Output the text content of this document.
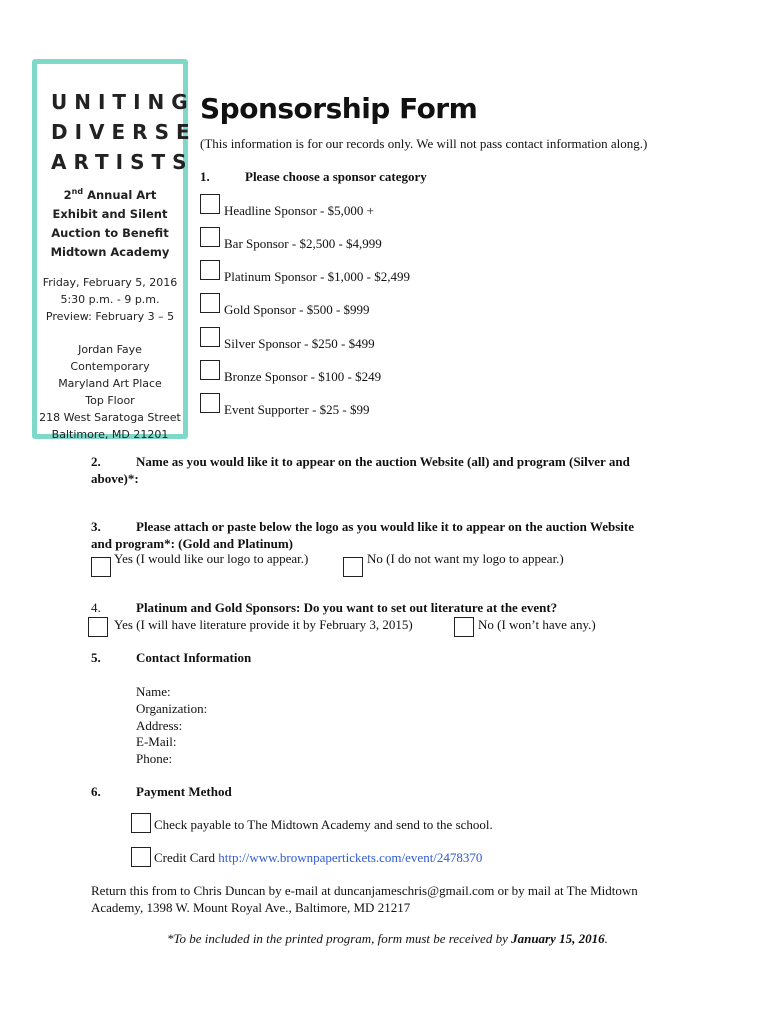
UNITING
DIVERSE
ARTISTS
2nd Annual Art
Exhibit and Silent
Auction to Benefit
Midtown Academy
Friday, February 5, 2016
5:30 p.m. - 9 p.m.
Preview: February 3 – 5
Jordan Faye Contemporary
Maryland Art Place
Top Floor
218 West Saratoga Street
Baltimore, MD 21201
Sponsorship Form
(This information is for our records only. We will not pass contact information along.)
1.	Please choose a sponsor category
Headline Sponsor - $5,000 +
Bar Sponsor - $2,500 - $4,999
Platinum Sponsor - $1,000 - $2,499
Gold Sponsor - $500 - $999
Silver Sponsor - $250 - $499
Bronze Sponsor - $100 - $249
Event Supporter - $25 - $99
2.	Name as you would like it to appear on the auction Website (all) and program (Silver and
above)*:
3.	Please attach or paste below the logo as you would like it to appear on the auction Website
and program*: (Gold and Platinum)
Yes (I would like our logo to appear.)	No (I do not want my logo to appear.)
4.	Platinum and Gold Sponsors: Do you want to set out literature at the event?
Yes (I will have literature provide it by February 3, 2015)	No (I won’t have any.)
5.	Contact Information
Name:
Organization:
Address:
E-Mail:
Phone:
6.	Payment Method
Check payable to The Midtown Academy and send to the school.
Credit Card http://www.brownpapertickets.com/event/2478370
Return this from to Chris Duncan by e-mail at duncanjameschris@gmail.com or by mail at The Midtown
Academy, 1398 W. Mount Royal Ave., Baltimore, MD 21217
*To be included in the printed program, form must be received by January 15, 2016.
